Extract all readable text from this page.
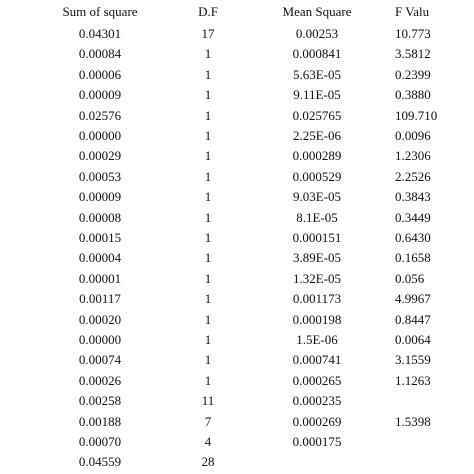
Sum of square	D.F	Mean Square	F Valu
0.04301	17	0.00253	10.773
0.00084	1	0.000841	3.5812
0.00006	1	5.63E-05	0.2399
0.00009	1	9.11E-05	0.3880
0.02576	1	0.025765	109.710
0.00000	1	2.25E-06	0.0096
0.00029	1	0.000289	1.2306
0.00053	1	0.000529	2.2526
0.00009	1	9.03E-05	0.3843
0.00008	1	8.1E-05	0.3449
0.00015	1	0.000151	0.6430
0.00004	1	3.89E-05	0.1658
0.00001	1	1.32E-05	0.056
0.00117	1	0.001173	4.9967
0.00020	1	0.000198	0.8447
0.00000	1	1.5E-06	0.0064
0.00074	1	0.000741	3.1559
0.00026	1	0.000265	1.1263
0.00258	11	0.000235
0.00188	7	0.000269	1.5398
0.00070	4	0.000175
0.04559	28
